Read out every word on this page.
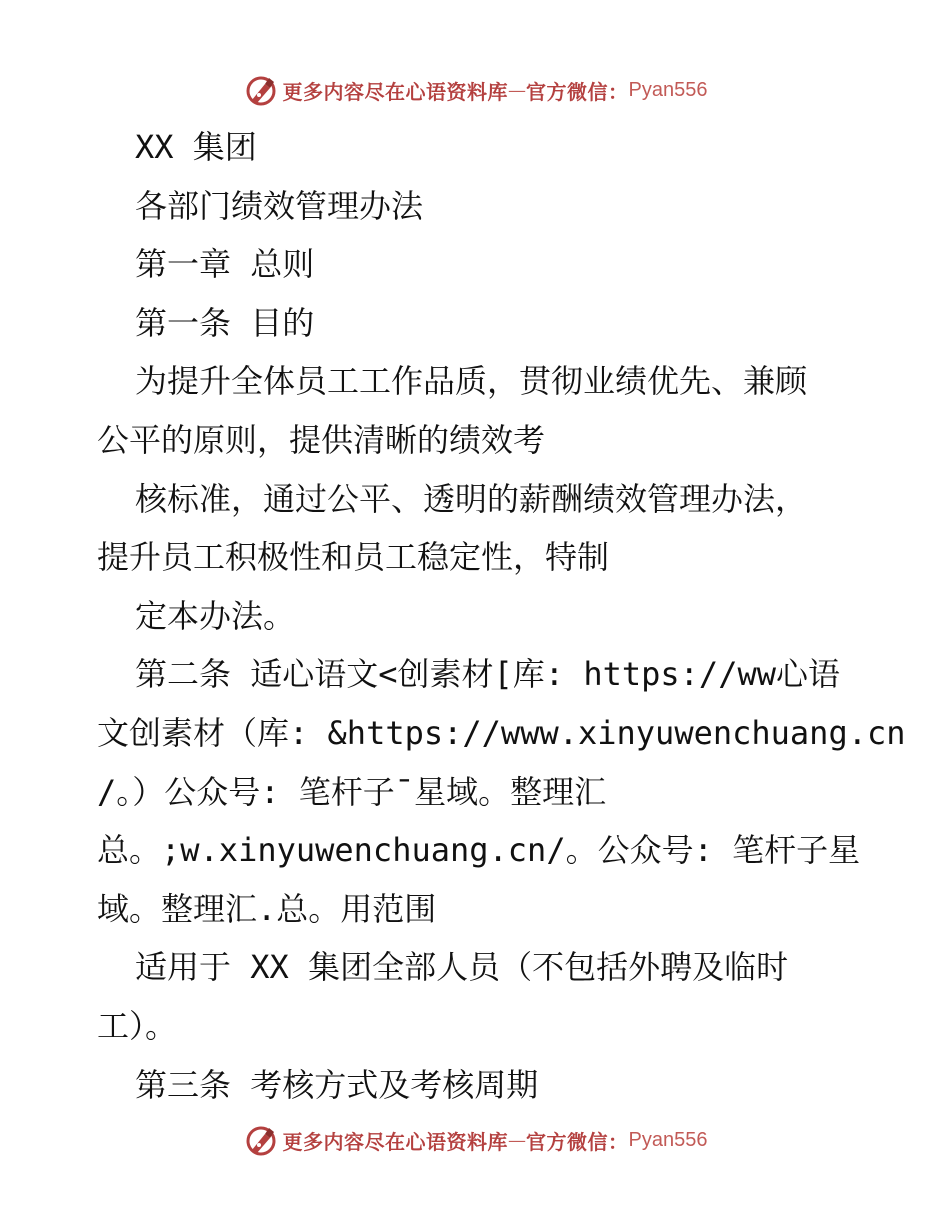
更多内容尽在心语资料库 — 官方微信： Pyan556
XX 集团
各部门绩效管理办法
第一章 总则
第一条 目的
为提升全体员工工作品质，贯彻业绩优先、兼顾
公平的原则，提供清晰的绩效考
核标准，通过公平、透明的薪酬绩效管理办法，
提升员工积极性和员工稳定性，特制
定本办法。
第二条 适心语文<创素材[库: https://ww心语
文创素材（库: &https://www.xinyuwenchuang.cn
/。）公众号: 笔杆子¯星域。整理汇
总。;w.xinyuwenchuang.cn/。公众号: 笔杆子星
域。整理汇.总。用范围
适用于 XX 集团全部人员（不包括外聘及临时
工）。
第三条 考核方式及考核周期
更多内容尽在心语资料库 — 官方微信： Pyan556
